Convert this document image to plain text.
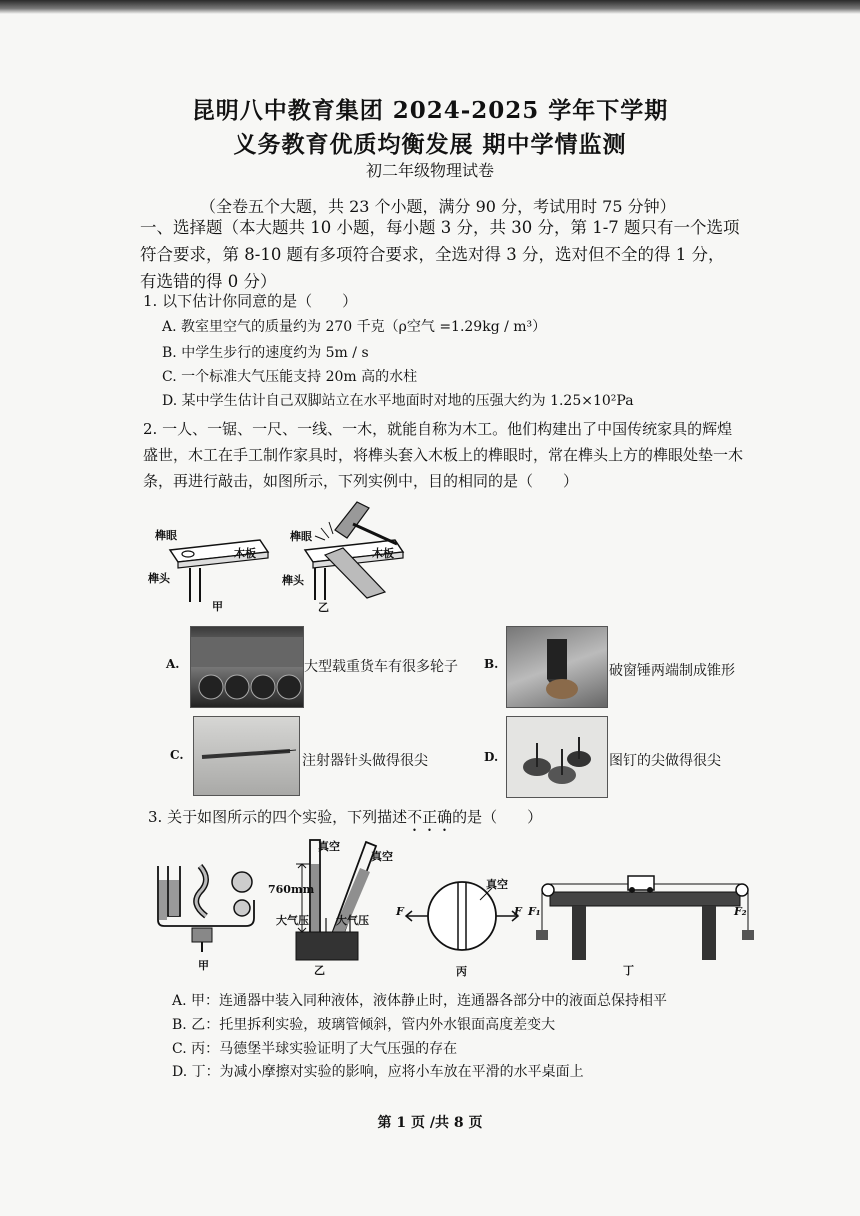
昆明八中教育集团 2024-2025 学年下学期
义务教育优质均衡发展 期中学情监测
初二年级物理试卷
（全卷五个大题，共 23 个小题，满分 90 分，考试用时 75 分钟）
一、选择题（本大题共 10 小题，每小题 3 分，共 30 分，第 1-7 题只有一个选项
符合要求，第 8-10 题有多项符合要求，全选对得 3 分，选对但不全的得 1 分，
有选错的得 0 分）
1. 以下估计你同意的是（　　）
A. 教室里空气的质量约为 270 千克（ρ空气 =1.29kg / m³）
B. 中学生步行的速度约为 5m / s
C. 一个标准大气压能支持 20m 高的水柱
D. 某中学生估计自己双脚站立在水平地面时对地的压强大约为 1.25×10²Pa
2. 一人、一锯、一尺、一线、一木，就能自称为木工。他们构建出了中国传统家具的辉煌
盛世，木工在手工制作家具时，将榫头套入木板上的榫眼时，常在榫头上方的榫眼处垫一木
条，再进行敲击，如图所示，下列实例中，目的相同的是（　　）
榫眼
木板
榫头
甲
榫眼
木板
榫头
乙
A.	大型载重货车有很多轮子 B.	破窗锤两端制成锥形
C.	注射器针头做得很尖	D.	图钉的尖做得很尖
3. 关于如图所示的四个实验，下列描述不正确的是（　　）
甲
真空
真空
760mm
大气压 大气压
乙
F	F
真空
丙
F₁	F₂
丁
A. 甲：连通器中装入同种液体，液体静止时，连通器各部分中的液面总保持相平
B. 乙：托里拆利实验，玻璃管倾斜，管内外水银面高度差变大
C. 丙：马德堡半球实验证明了大气压强的存在
D. 丁：为减小摩擦对实验的影响，应将小车放在平滑的水平桌面上
第 1 页 /共 8 页
